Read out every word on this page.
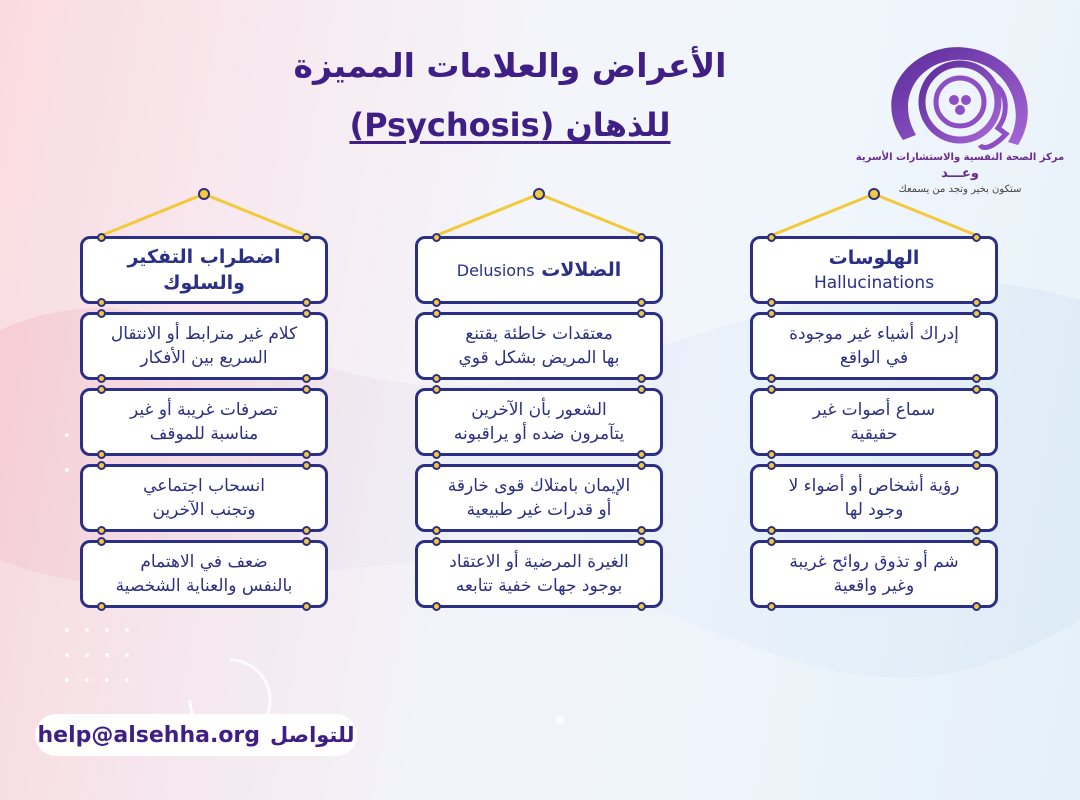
الأعراض والعلامات المميزة
للذهان (Psychosis)
مركز الصحة النفسية والاستشارات الأسرية
وعـــد
ستكون بخير وتجد من يسمعك
الهلوسات
Hallucinations
إدراك أشياء غير موجودة
في الواقع
سماع أصوات غير
حقيقية
رؤية أشخاص أو أضواء لا
وجود لها
شم أو تذوق روائح غريبة
وغير واقعية
الضلالات Delusions
معتقدات خاطئة يقتنع
بها المريض بشكل قوي
الشعور بأن الآخرين
يتآمرون ضده أو يراقبونه
الإيمان بامتلاك قوى خارقة
أو قدرات غير طبيعية
الغيرة المرضية أو الاعتقاد
بوجود جهات خفية تتابعه
اضطراب التفكير
والسلوك
كلام غير مترابط أو الانتقال
السريع بين الأفكار
تصرفات غريبة أو غير
مناسبة للموقف
انسحاب اجتماعي
وتجنب الآخرين
ضعف في الاهتمام
بالنفس والعناية الشخصية
help@alsehha.org للتواصل
